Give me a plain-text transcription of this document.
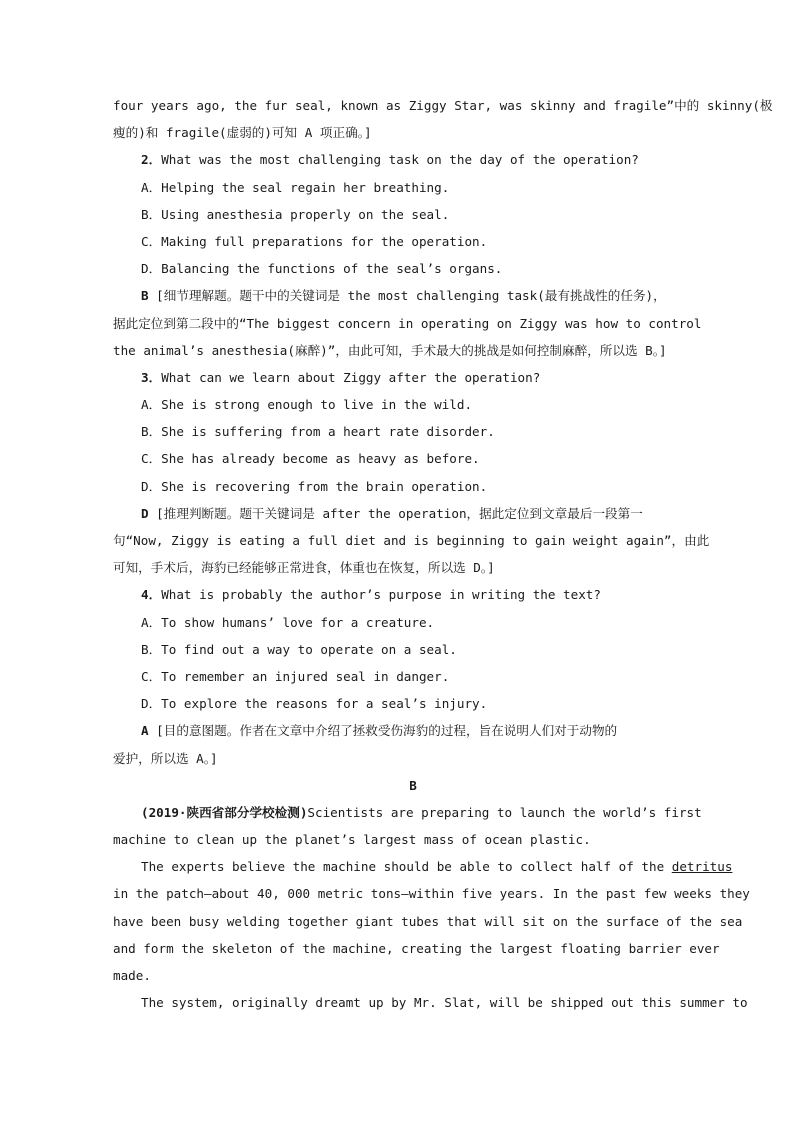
four years ago, the fur seal, known as Ziggy Star, was skinny and fragile”中的 skinny(极
瘦的)和 fragile(虚弱的)可知 A 项正确。]
2．What was the most challenging task on the day of the operation?
A．Helping the seal regain her breathing.
B．Using anesthesia properly on the seal.
C．Making full preparations for the operation.
D．Balancing the functions of the seal’s organs.
B [细节理解题。题干中的关键词是 the most challenging task(最有挑战性的任务)，
据此定位到第二段中的“The biggest concern in operating on Ziggy was how to control
the animal’s anesthesia(麻醉)”，由此可知，手术最大的挑战是如何控制麻醉，所以选 B。]
3．What can we learn about Ziggy after the operation?
A．She is strong enough to live in the wild.
B．She is suffering from a heart rate disorder.
C．She has already become as heavy as before.
D．She is recovering from the brain operation.
D [推理判断题。题干关键词是 after the operation，据此定位到文章最后一段第一
句“Now, Ziggy is eating a full diet and is beginning to gain weight again”，由此
可知，手术后，海豹已经能够正常进食，体重也在恢复，所以选 D。]
4．What is probably the author’s purpose in writing the text?
A．To show humans’ love for a creature.
B．To find out a way to operate on a seal.
C．To remember an injured seal in danger.
D．To explore the reasons for a seal’s injury.
A [目的意图题。作者在文章中介绍了拯救受伤海豹的过程，旨在说明人们对于动物的
爱护，所以选 A。]
B
(2019·陕西省部分学校检测)Scientists are preparing to launch the world’s first
machine to clean up the planet’s largest mass of ocean plastic.
The experts believe the machine should be able to collect half of the detritus
in the patch—about 40, 000 metric tons—within five years. In the past few weeks they
have been busy welding together giant tubes that will sit on the surface of the sea
and form the skeleton of the machine, creating the largest floating barrier ever
made.
The system, originally dreamt up by Mr. Slat, will be shipped out this summer to
